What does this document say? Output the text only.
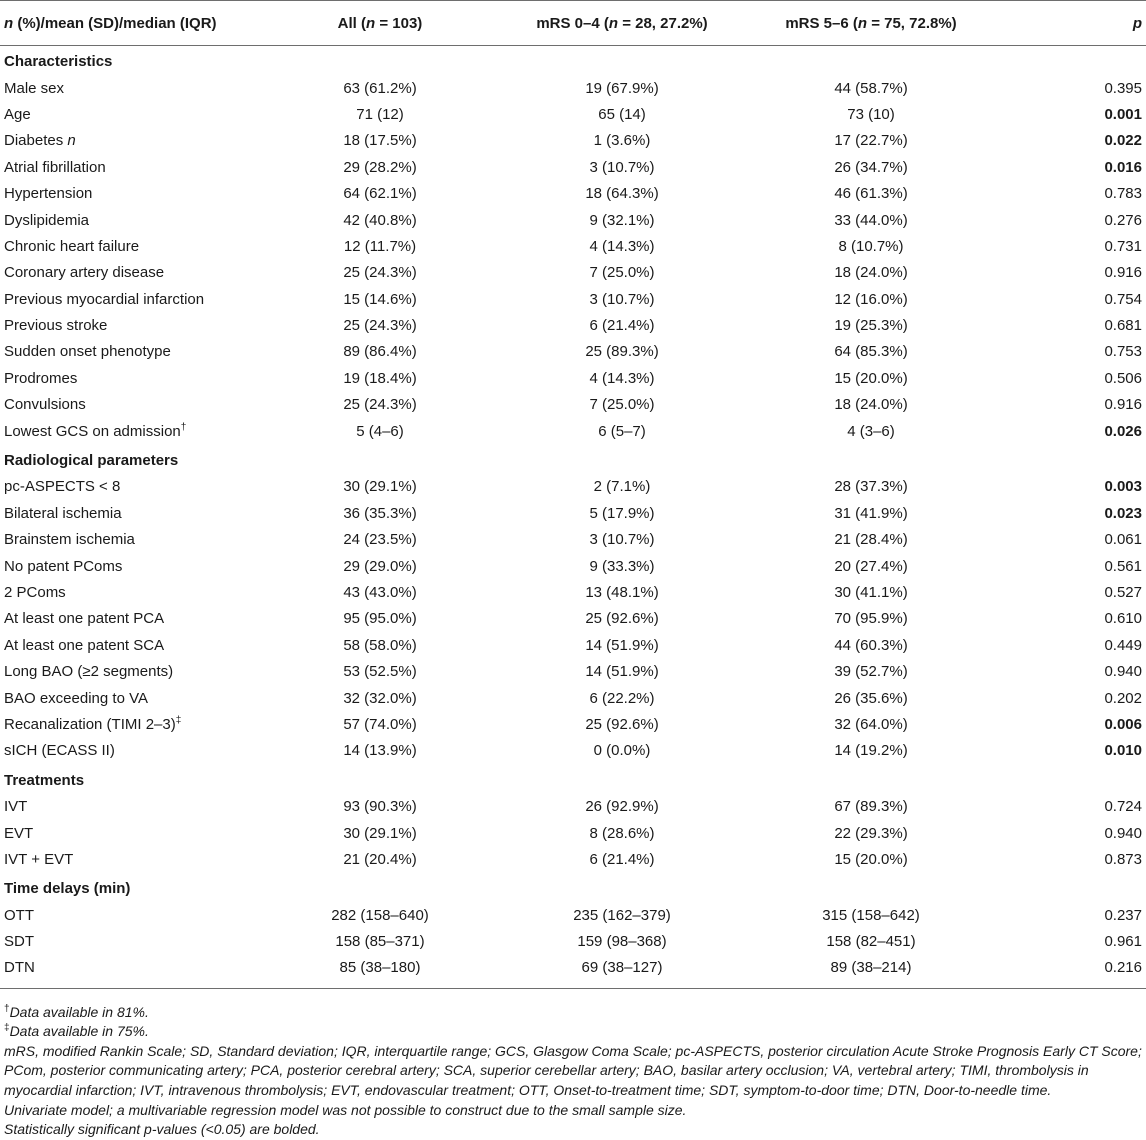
n (%)/mean (SD)/median (IQR)	All (n = 103)	mRS 0–4 (n = 28, 27.2%)	mRS 5–6 (n = 75, 72.8%)	p
Characteristics				
Male sex	63 (61.2%)	19 (67.9%)	44 (58.7%)	0.395
Age	71 (12)	65 (14)	73 (10)	0.001
Diabetes n	18 (17.5%)	1 (3.6%)	17 (22.7%)	0.022
Atrial fibrillation	29 (28.2%)	3 (10.7%)	26 (34.7%)	0.016
Hypertension	64 (62.1%)	18 (64.3%)	46 (61.3%)	0.783
Dyslipidemia	42 (40.8%)	9 (32.1%)	33 (44.0%)	0.276
Chronic heart failure	12 (11.7%)	4 (14.3%)	8 (10.7%)	0.731
Coronary artery disease	25 (24.3%)	7 (25.0%)	18 (24.0%)	0.916
Previous myocardial infarction	15 (14.6%)	3 (10.7%)	12 (16.0%)	0.754
Previous stroke	25 (24.3%)	6 (21.4%)	19 (25.3%)	0.681
Sudden onset phenotype	89 (86.4%)	25 (89.3%)	64 (85.3%)	0.753
Prodromes	19 (18.4%)	4 (14.3%)	15 (20.0%)	0.506
Convulsions	25 (24.3%)	7 (25.0%)	18 (24.0%)	0.916
Lowest GCS on admission†	5 (4–6)	6 (5–7)	4 (3–6)	0.026
Radiological parameters				
pc-ASPECTS < 8	30 (29.1%)	2 (7.1%)	28 (37.3%)	0.003
Bilateral ischemia	36 (35.3%)	5 (17.9%)	31 (41.9%)	0.023
Brainstem ischemia	24 (23.5%)	3 (10.7%)	21 (28.4%)	0.061
No patent PComs	29 (29.0%)	9 (33.3%)	20 (27.4%)	0.561
2 PComs	43 (43.0%)	13 (48.1%)	30 (41.1%)	0.527
At least one patent PCA	95 (95.0%)	25 (92.6%)	70 (95.9%)	0.610
At least one patent SCA	58 (58.0%)	14 (51.9%)	44 (60.3%)	0.449
Long BAO (≥2 segments)	53 (52.5%)	14 (51.9%)	39 (52.7%)	0.940
BAO exceeding to VA	32 (32.0%)	6 (22.2%)	26 (35.6%)	0.202
Recanalization (TIMI 2–3)‡	57 (74.0%)	25 (92.6%)	32 (64.0%)	0.006
sICH (ECASS II)	14 (13.9%)	0 (0.0%)	14 (19.2%)	0.010
Treatments				
IVT	93 (90.3%)	26 (92.9%)	67 (89.3%)	0.724
EVT	30 (29.1%)	8 (28.6%)	22 (29.3%)	0.940
IVT + EVT	21 (20.4%)	6 (21.4%)	15 (20.0%)	0.873
Time delays (min)				
OTT	282 (158–640)	235 (162–379)	315 (158–642)	0.237
SDT	158 (85–371)	159 (98–368)	158 (82–451)	0.961
DTN	85 (38–180)	69 (38–127)	89 (38–214)	0.216
†Data available in 81%.
‡Data available in 75%.
mRS, modified Rankin Scale; SD, Standard deviation; IQR, interquartile range; GCS, Glasgow Coma Scale; pc-ASPECTS, posterior circulation Acute Stroke Prognosis Early CT Score; PCom, posterior communicating artery; PCA, posterior cerebral artery; SCA, superior cerebellar artery; BAO, basilar artery occlusion; VA, vertebral artery; TIMI, thrombolysis in myocardial infarction; IVT, intravenous thrombolysis; EVT, endovascular treatment; OTT, Onset-to-treatment time; SDT, symptom-to-door time; DTN, Door-to-needle time.
Univariate model; a multivariable regression model was not possible to construct due to the small sample size.
Statistically significant p-values (<0.05) are bolded.
